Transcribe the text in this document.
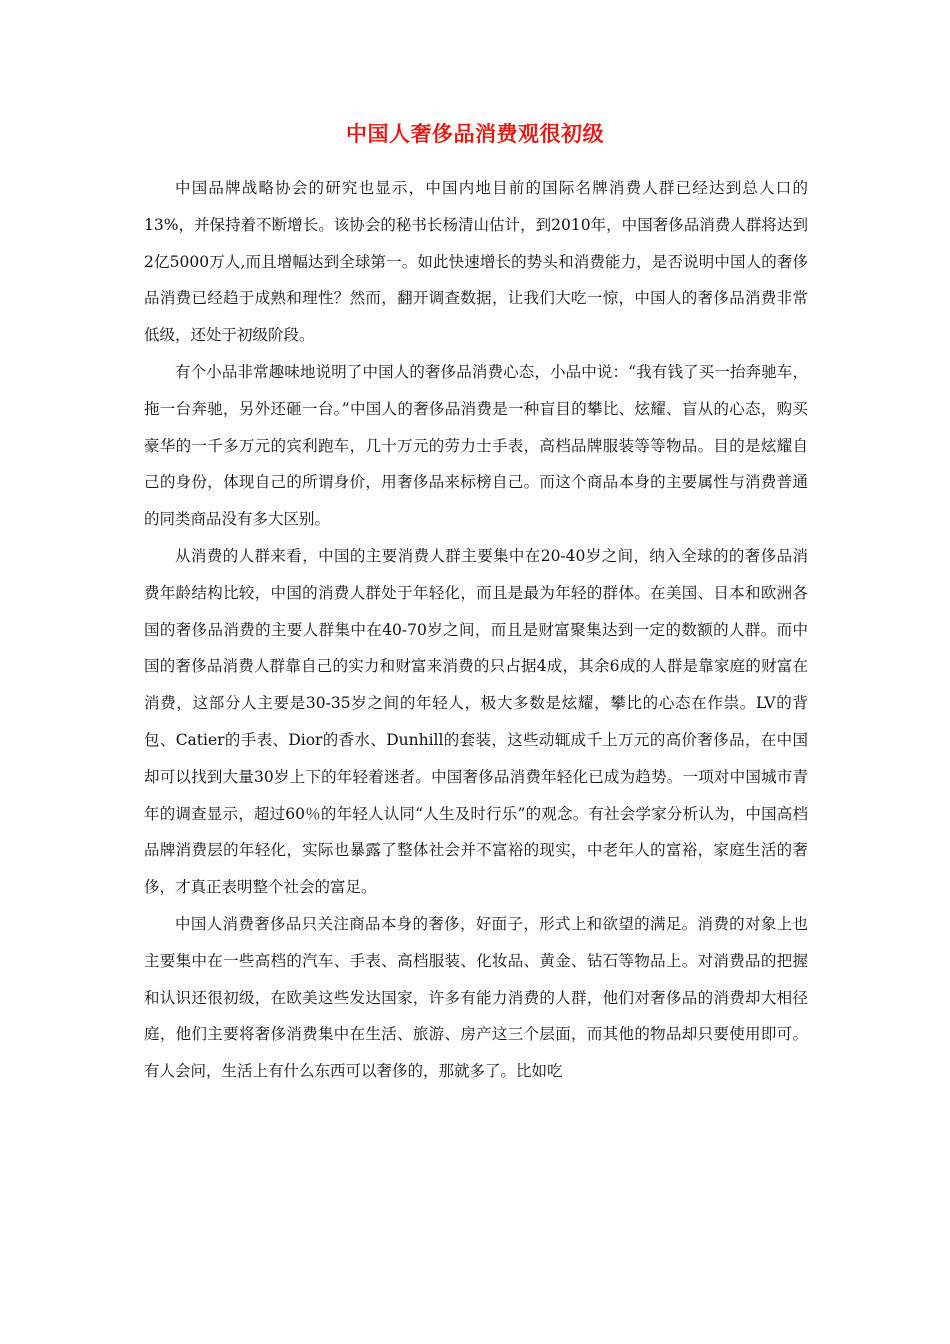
中国人奢侈品消费观很初级

中国品牌战略协会的研究也显示，中国内地目前的国际名牌消费人群已经达到总人口的13%，并保持着不断增长。该协会的秘书长杨清山估计，到2010年，中国奢侈品消费人群将达到2亿5000万人,而且增幅达到全球第一。如此快速增长的势头和消费能力，是否说明中国人的奢侈品消费已经趋于成熟和理性？然而，翻开调查数据，让我们大吃一惊，中国人的奢侈品消费非常低级，还处于初级阶段。

有个小品非常趣味地说明了中国人的奢侈品消费心态，小品中说：“我有钱了买一抬奔驰车，拖一台奔驰，另外还砸一台。”中国人的奢侈品消费是一种盲目的攀比、炫耀、盲从的心态，购买豪华的一千多万元的宾利跑车，几十万元的劳力士手表，高档品牌服装等等物品。目的是炫耀自己的身份，体现自己的所谓身价，用奢侈品来标榜自己。而这个商品本身的主要属性与消费普通的同类商品没有多大区别。

从消费的人群来看，中国的主要消费人群主要集中在20-40岁之间，纳入全球的的奢侈品消费年龄结构比较，中国的消费人群处于年轻化，而且是最为年轻的群体。在美国、日本和欧洲各国的奢侈品消费的主要人群集中在40-70岁之间，而且是财富聚集达到一定的数额的人群。而中国的奢侈品消费人群靠自己的实力和财富来消费的只占据4成，其余6成的人群是靠家庭的财富在消费，这部分人主要是30-35岁之间的年轻人，极大多数是炫耀，攀比的心态在作祟。LV的背包、Catier的手表、Dior的香水、Dunhill的套装，这些动辄成千上万元的高价奢侈品，在中国却可以找到大量30岁上下的年轻着迷者。中国奢侈品消费年轻化已成为趋势。一项对中国城市青年的调查显示，超过60％的年轻人认同“人生及时行乐”的观念。有社会学家分析认为，中国高档品牌消费层的年轻化，实际也暴露了整体社会并不富裕的现实，中老年人的富裕，家庭生活的奢侈，才真正表明整个社会的富足。

中国人消费奢侈品只关注商品本身的奢侈，好面子，形式上和欲望的满足。消费的对象上也主要集中在一些高档的汽车、手表、高档服装、化妆品、黄金、钻石等物品上。对消费品的把握和认识还很初级，在欧美这些发达国家，许多有能力消费的人群，他们对奢侈品的消费却大相径庭，他们主要将奢侈消费集中在生活、旅游、房产这三个层面，而其他的物品却只要使用即可。有人会问，生活上有什么东西可以奢侈的，那就多了。比如吃
